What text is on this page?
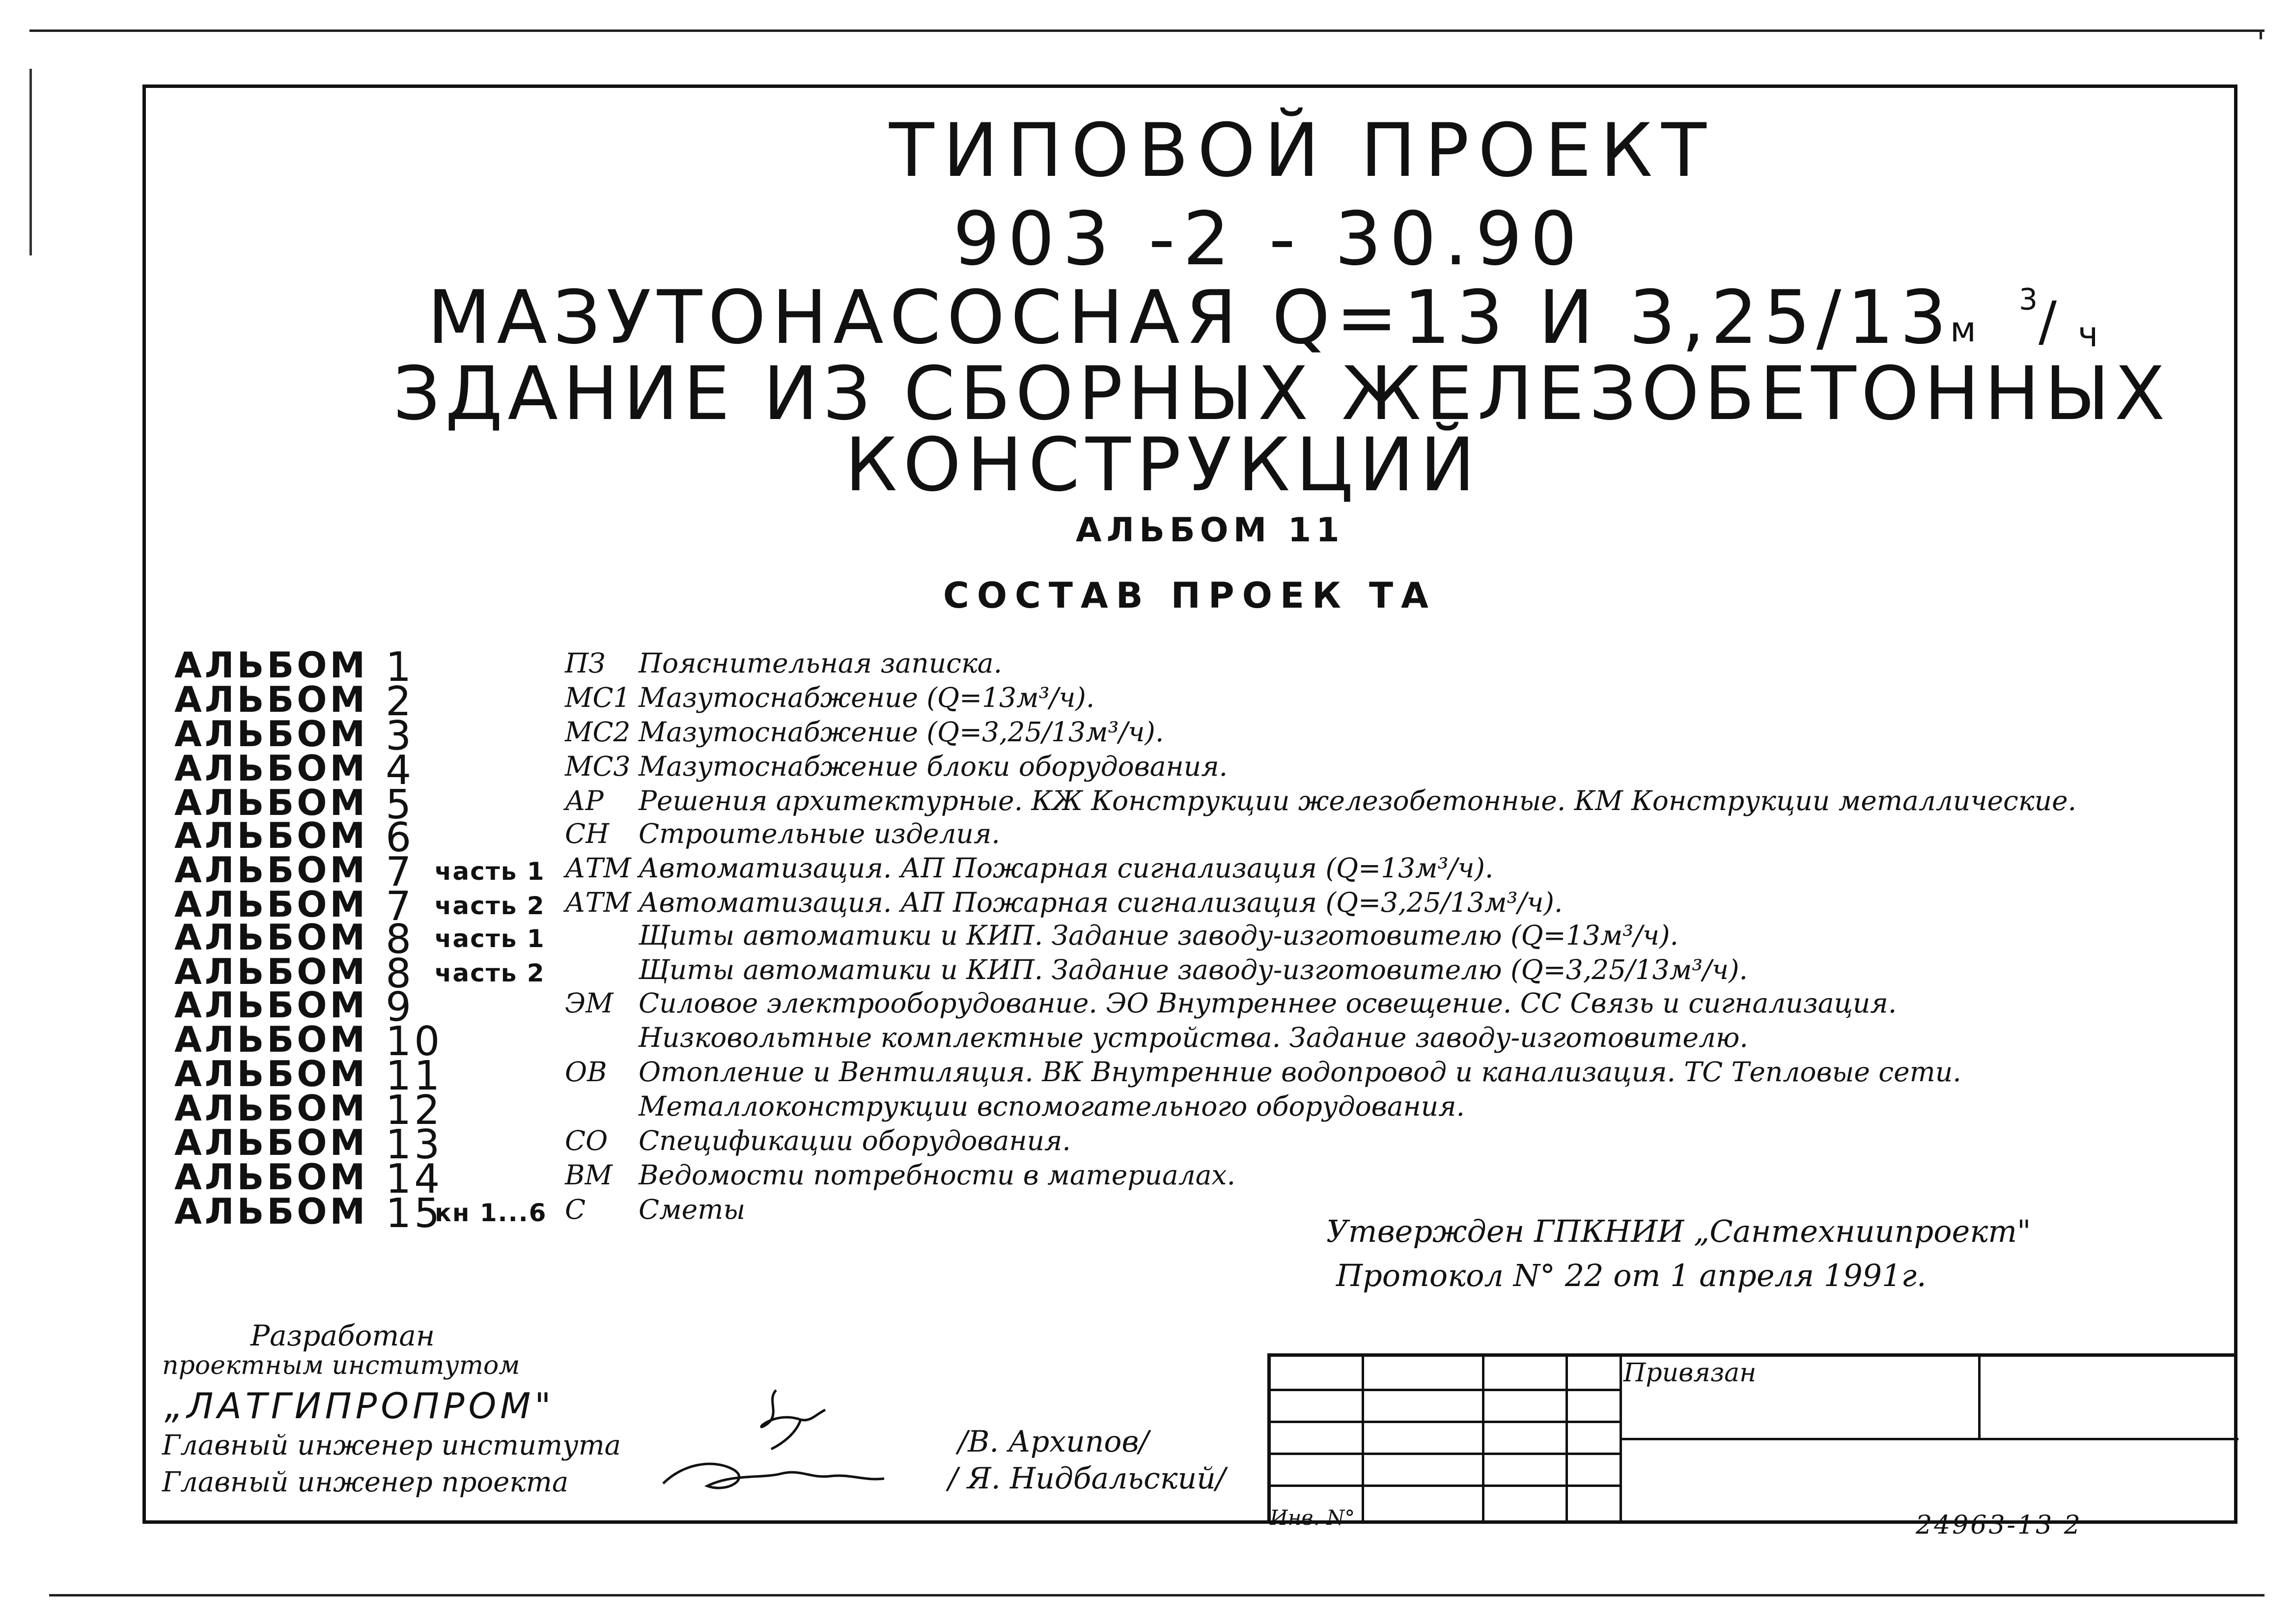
ТИПОВОЙ ПРОЕКТ
903 -2 - 30.90
МАЗУТОНАСОСНАЯ Q=13 И 3,25/13
м
3
/ ч
ЗДАНИЕ ИЗ СБОРНЫХ ЖЕЛЕЗОБЕТОННЫХ
КОНСТРУКЦИЙ
АЛЬБОМ 11
СОСТАВ ПРОЕК ТА
АЛЬБОМ 1
АЛЬБОМ 2
АЛЬБОМ 3
АЛЬБОМ 4
АЛЬБОМ 5
АЛЬБОМ 6
АЛЬБОМ 7 часть 1
АЛЬБОМ 7 часть 2
АЛЬБОМ 8 часть 1
АЛЬБОМ 8 часть 2
АЛЬБОМ 9
АЛЬБОМ 10
АЛЬБОМ 11
АЛЬБОМ 12
АЛЬБОМ 13
АЛЬБОМ 14
АЛЬБОМ 15
кн 1...6
ПЗ
МС1
МС2
МС3
АР
СН
АТМ
АТМ
ЭМ
ОВ
СО
ВМ
С
Пояснительная записка.
Мазутоснабжение (Q=13м³/ч).
Мазутоснабжение (Q=3,25/13м³/ч).
Мазутоснабжение блоки оборудования.
Решения архитектурные. КЖ Конструкции железобетонные. КМ Конструкции металлические.
Строительные изделия.
Автоматизация. АП Пожарная сигнализация (Q=13м³/ч).
Автоматизация. АП Пожарная сигнализация (Q=3,25/13м³/ч).
Щиты автоматики и КИП. Задание заводу-изготовителю (Q=13м³/ч).
Щиты автоматики и КИП. Задание заводу-изготовителю (Q=3,25/13м³/ч).
Силовое электрооборудование. ЭО Внутреннее освещение. СС Связь и сигнализация.
Низковольтные комплектные устройства. Задание заводу-изготовителю.
Отопление и Вентиляция. ВК Внутренние водопровод и канализация. ТС Тепловые сети.
Металлоконструкции вспомогательного оборудования.
Спецификации оборудования.
Ведомости потребности в материалах.
Сметы
Утвержден ГПКНИИ „Сантехниипроект"
Протокол N° 22 от 1 апреля 1991г.
Разработан
проектным институтом
„ЛАТГИПРОПРОМ"
Главный инженер института
Главный инженер проекта
/В. Архипов/
/ Я. Нидбальский/
Привязан
Инв. N°	24963-13 2
